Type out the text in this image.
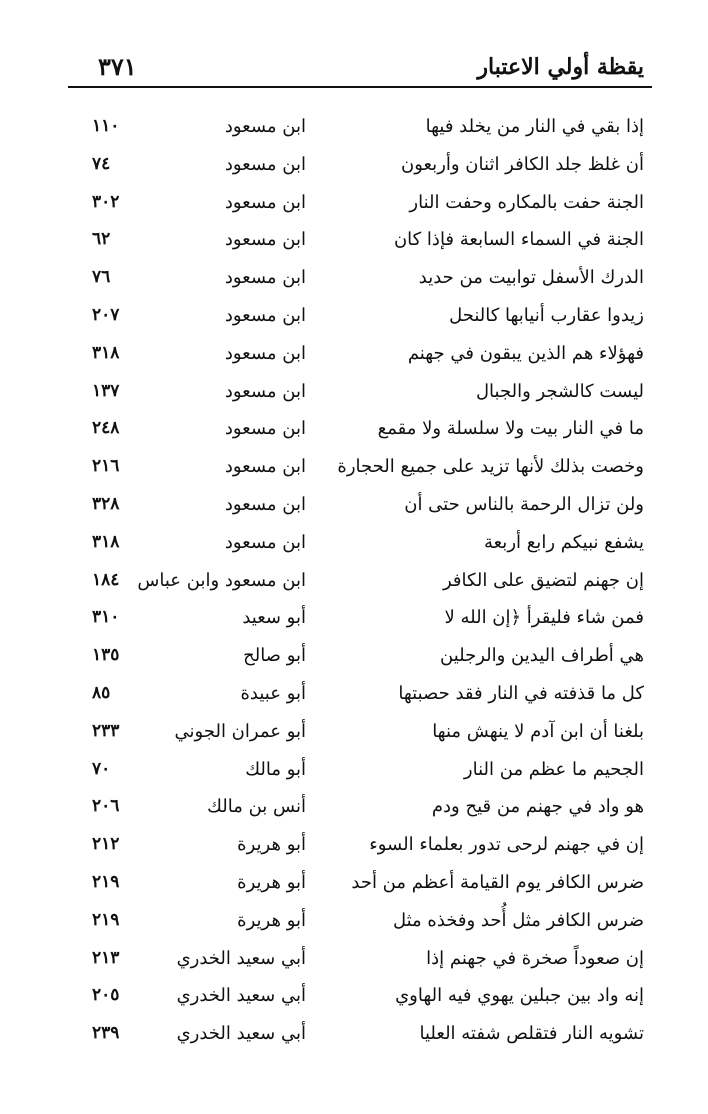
٣٧١	يقظة أولي الاعتبار
إذا بقي في النار من يخلد فيها
ابن مسعود
١١٠
أن غلظ جلد الكافر اثنان وأربعون
ابن مسعود
٧٤
الجنة حفت بالمكاره وحفت النار
ابن مسعود
٣٠٢
الجنة في السماء السابعة فإذا كان
ابن مسعود
٦٢
الدرك الأسفل توابيت من حديد
ابن مسعود
٧٦
زيدوا عقارب أنيابها كالنحل
ابن مسعود
٢٠٧
فهؤلاء هم الذين يبقون في جهنم
ابن مسعود
٣١٨
ليست كالشجر والجبال
ابن مسعود
١٣٧
ما في النار بيت ولا سلسلة ولا مقمع
ابن مسعود
٢٤٨
وخصت بذلك لأنها تزيد على جميع الحجارة
ابن مسعود
٢١٦
ولن تزال الرحمة بالناس حتى أن
ابن مسعود
٣٢٨
يشفع نبيكم رابع أربعة
ابن مسعود
٣١٨
إن جهنم لتضيق على الكافر
ابن مسعود وابن عباس
١٨٤
فمن شاء فليقرأ ﴿إن الله لا
أبو سعيد
٣١٠
هي أطراف اليدين والرجلين
أبو صالح
١٣٥
كل ما قذفته في النار فقد حصبتها
أبو عبيدة
٨٥
بلغنا أن ابن آدم لا ينهش منها
أبو عمران الجوني
٢٣٣
الجحيم ما عظم من النار
أبو مالك
٧٠
هو واد في جهنم من قيح ودم
أنس بن مالك
٢٠٦
إن في جهنم لرحى تدور بعلماء السوء
أبو هريرة
٢١٢
ضرس الكافر يوم القيامة أعظم من أحد
أبو هريرة
٢١٩
ضرس الكافر مثل أُحد وفخذه مثل
أبو هريرة
٢١٩
إن صعوداً صخرة في جهنم إذا
أبي سعيد الخدري
٢١٣
إنه واد بين جبلين يهوي فيه الهاوي
أبي سعيد الخدري
٢٠٥
تشويه النار فتقلص شفته العليا
أبي سعيد الخدري
٢٣٩
